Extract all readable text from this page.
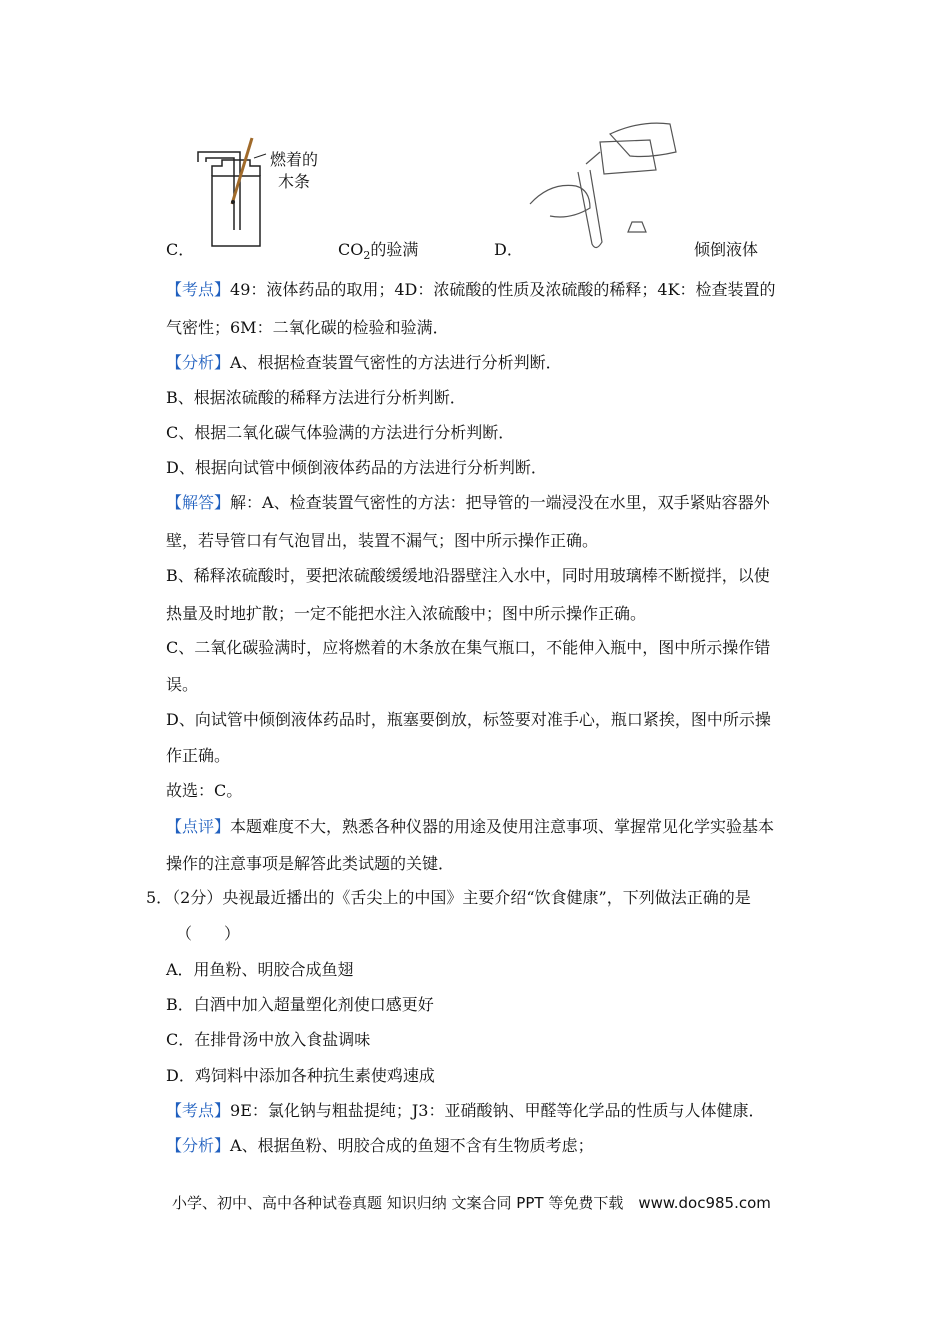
C．
燃着的
木条
$CO_2$的验满	D．	倾倒液体
【考点】49：液体药品的取用；4D：浓硫酸的性质及浓硫酸的稀释；4K：检查装置的
气密性；6M：二氧化碳的检验和验满．
【分析】A、根据检查装置气密性的方法进行分析判断．
B、根据浓硫酸的稀释方法进行分析判断．
C、根据二氧化碳气体验满的方法进行分析判断．
D、根据向试管中倾倒液体药品的方法进行分析判断．
【解答】解：A、检查装置气密性的方法：把导管的一端浸没在水里，双手紧贴容器外
壁，若导管口有气泡冒出，装置不漏气；图中所示操作正确。
B、稀释浓硫酸时，要把浓硫酸缓缓地沿器壁注入水中，同时用玻璃棒不断搅拌，以使
热量及时地扩散；一定不能把水注入浓硫酸中；图中所示操作正确。
C、二氧化碳验满时，应将燃着的木条放在集气瓶口，不能伸入瓶中，图中所示操作错
误。
D、向试管中倾倒液体药品时，瓶塞要倒放，标签要对准手心，瓶口紧挨，图中所示操
作正确。
故选：C。
【点评】本题难度不大，熟悉各种仪器的用途及使用注意事项、掌握常见化学实验基本
操作的注意事项是解答此类试题的关键．
5．（2分）央视最近播出的《舌尖上的中国》主要介绍“饮食健康”，下列做法正确的是
（　　）
A．用鱼粉、明胶合成鱼翅
B．白酒中加入超量塑化剂使口感更好
C．在排骨汤中放入食盐调味
D．鸡饲料中添加各种抗生素使鸡速成
【考点】9E：氯化钠与粗盐提纯；J3：亚硝酸钠、甲醛等化学品的性质与人体健康．
【分析】A、根据鱼粉、明胶合成的鱼翅不含有生物质考虑；
小学、初中、高中各种试卷真题 知识归纳 文案合同 PPT 等免费下载　www.doc985.com
